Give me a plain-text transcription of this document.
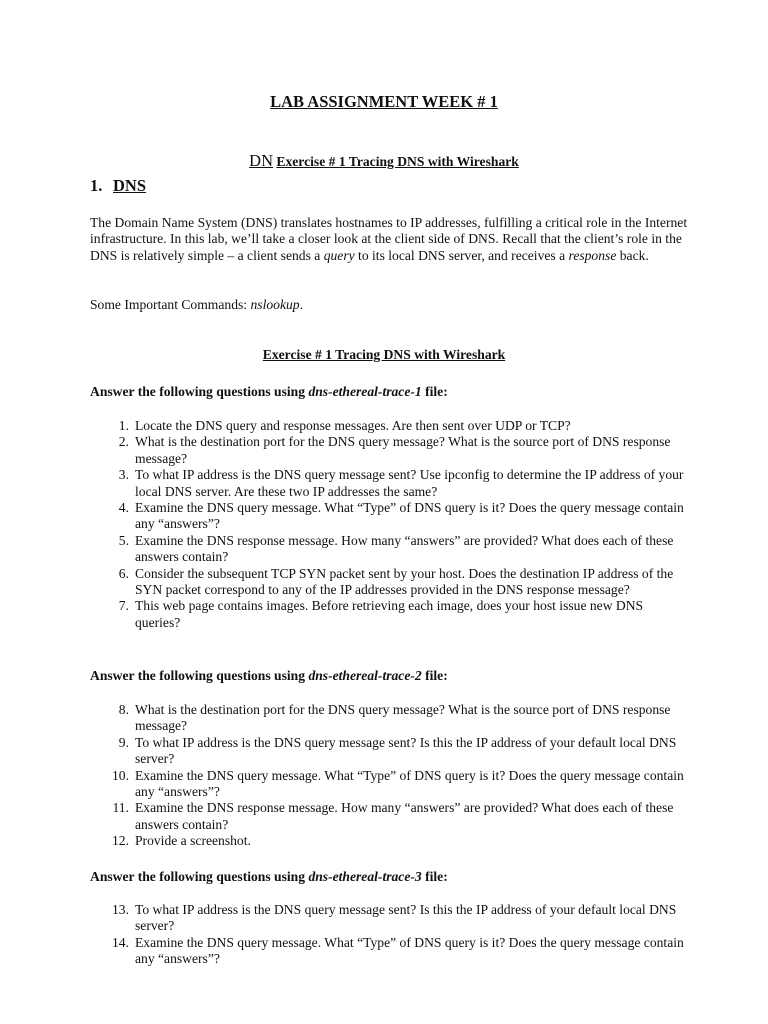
LAB ASSIGNMENT WEEK # 1
DN Exercise # 1 Tracing DNS with Wireshark
1. DNS
The Domain Name System (DNS) translates hostnames to IP addresses, fulfilling a critical role in the Internet infrastructure. In this lab, we’ll take a closer look at the client side of DNS. Recall that the client’s role in the DNS is relatively simple – a client sends a query to its local DNS server, and receives a response back.
Some Important Commands: nslookup.
Exercise # 1 Tracing DNS with Wireshark
Answer the following questions using dns-ethereal-trace-1 file:
1. Locate the DNS query and response messages. Are then sent over UDP or TCP?
2. What is the destination port for the DNS query message? What is the source port of DNS response message?
3. To what IP address is the DNS query message sent? Use ipconfig to determine the IP address of your local DNS server. Are these two IP addresses the same?
4. Examine the DNS query message. What “Type” of DNS query is it? Does the query message contain any “answers”?
5. Examine the DNS response message. How many “answers” are provided? What does each of these answers contain?
6. Consider the subsequent TCP SYN packet sent by your host. Does the destination IP address of the SYN packet correspond to any of the IP addresses provided in the DNS response message?
7. This web page contains images. Before retrieving each image, does your host issue new DNS queries?
Answer the following questions using dns-ethereal-trace-2 file:
8. What is the destination port for the DNS query message? What is the source port of DNS response message?
9. To what IP address is the DNS query message sent? Is this the IP address of your default local DNS server?
10. Examine the DNS query message. What “Type” of DNS query is it? Does the query message contain any “answers”?
11. Examine the DNS response message. How many “answers” are provided? What does each of these answers contain?
12. Provide a screenshot.
Answer the following questions using dns-ethereal-trace-3 file:
13. To what IP address is the DNS query message sent? Is this the IP address of your default local DNS server?
14. Examine the DNS query message. What “Type” of DNS query is it? Does the query message contain any “answers”?
